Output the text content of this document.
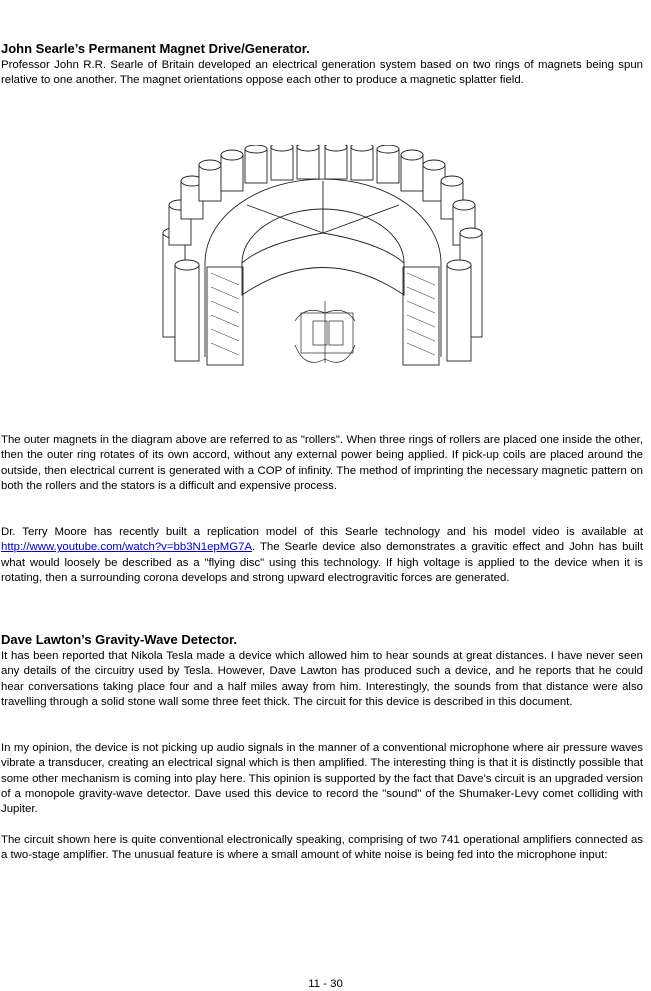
John Searle’s Permanent Magnet Drive/Generator.

Professor John R.R. Searle of Britain developed an electrical generation system based on two rings of magnets being spun relative to one another. The magnet orientations oppose each other to produce a magnetic splatter field.

The outer magnets in the diagram above are referred to as "rollers". When three rings of rollers are placed one inside the other, then the outer ring rotates of its own accord, without any external power being applied. If pick-up coils are placed around the outside, then electrical current is generated with a COP of infinity. The method of imprinting the necessary magnetic pattern on both the rollers and the stators is a difficult and expensive process.

Dr. Terry Moore has recently built a replication model of this Searle technology and his model video is available at http://www.youtube.com/watch?v=bb3N1epMG7A. The Searle device also demonstrates a gravitic effect and John has built what would loosely be described as a "flying disc" using this technology. If high voltage is applied to the device when it is rotating, then a surrounding corona develops and strong upward electrogravitic forces are generated.

Dave Lawton’s Gravity-Wave Detector.

It has been reported that Nikola Tesla made a device which allowed him to hear sounds at great distances. I have never seen any details of the circuitry used by Tesla. However, Dave Lawton has produced such a device, and he reports that he could hear conversations taking place four and a half miles away from him. Interestingly, the sounds from that distance were also travelling through a solid stone wall some three feet thick. The circuit for this device is described in this document.

In my opinion, the device is not picking up audio signals in the manner of a conventional microphone where air pressure waves vibrate a transducer, creating an electrical signal which is then amplified. The interesting thing is that it is distinctly possible that some other mechanism is coming into play here. This opinion is supported by the fact that Dave’s circuit is an upgraded version of a monopole gravity-wave detector. Dave used this device to record the "sound" of the Shumaker-Levy comet colliding with Jupiter.

The circuit shown here is quite conventional electronically speaking, comprising of two 741 operational amplifiers connected as a two-stage amplifier. The unusual feature is where a small amount of white noise is being fed into the microphone input:

11 - 30
